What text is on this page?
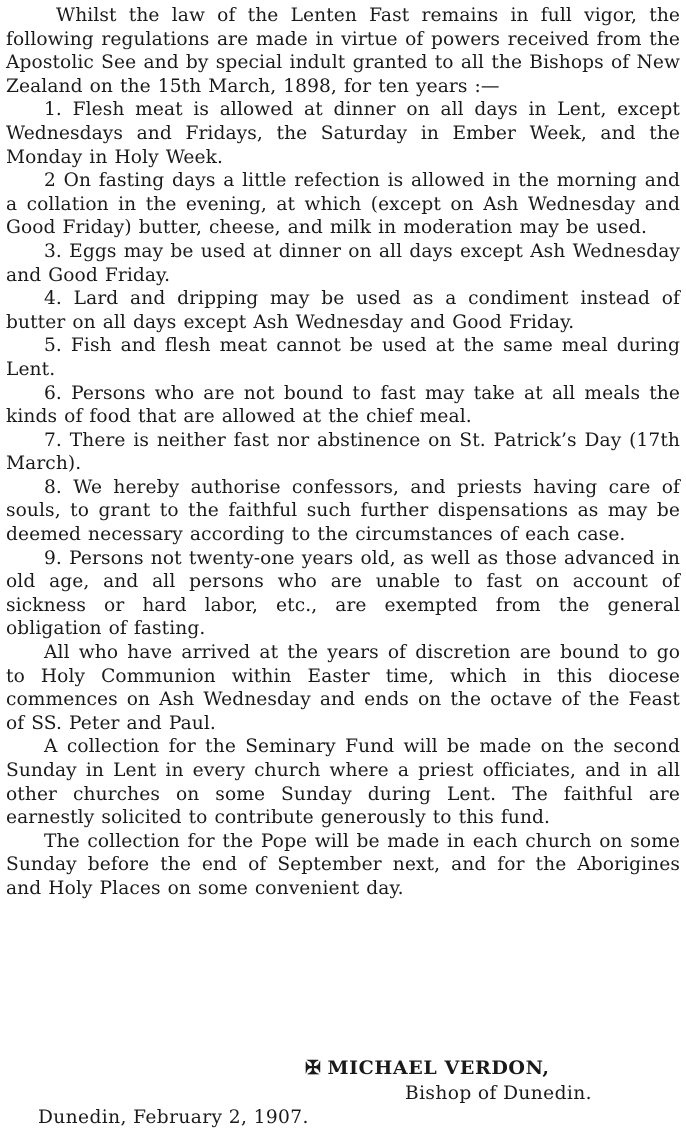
Whilst the law of the Lenten Fast remains in full vigor, the following regulations are made in virtue of powers received from the Apostolic See and by special indult granted to all the Bishops of New Zealand on the 15th March, 1898, for ten years :—

1. Flesh meat is allowed at dinner on all days in Lent, except Wednesdays and Fridays, the Saturday in Ember Week, and the Monday in Holy Week.

2 On fasting days a little refection is allowed in the morning and a collation in the evening, at which (except on Ash Wednesday and Good Friday) butter, cheese, and milk in moderation may be used.

3. Eggs may be used at dinner on all days except Ash Wednesday and Good Friday.

4. Lard and dripping may be used as a condiment instead of butter on all days except Ash Wednesday and Good Friday.

5. Fish and flesh meat cannot be used at the same meal during Lent.

6. Persons who are not bound to fast may take at all meals the kinds of food that are allowed at the chief meal.

7. There is neither fast nor abstinence on St. Patrick’s Day (17th March).

8. We hereby authorise confessors, and priests having care of souls, to grant to the faithful such further dispensations as may be deemed necessary according to the circumstances of each case.

9. Persons not twenty-one years old, as well as those advanced in old age, and all persons who are unable to fast on account of sickness or hard labor, etc., are exempted from the general obligation of fasting.

All who have arrived at the years of discretion are bound to go to Holy Communion within Easter time, which in this diocese commences on Ash Wednesday and ends on the octave of the Feast of SS. Peter and Paul.

A collection for the Seminary Fund will be made on the second Sunday in Lent in every church where a priest officiates, and in all other churches on some Sunday during Lent. The faithful are earnestly solicited to contribute generously to this fund.

The collection for the Pope will be made in each church on some Sunday before the end of September next, and for the Aborigines and Holy Places on some convenient day.

✠ MICHAEL VERDON,
Bishop of Dunedin.
Dunedin, February 2, 1907.
